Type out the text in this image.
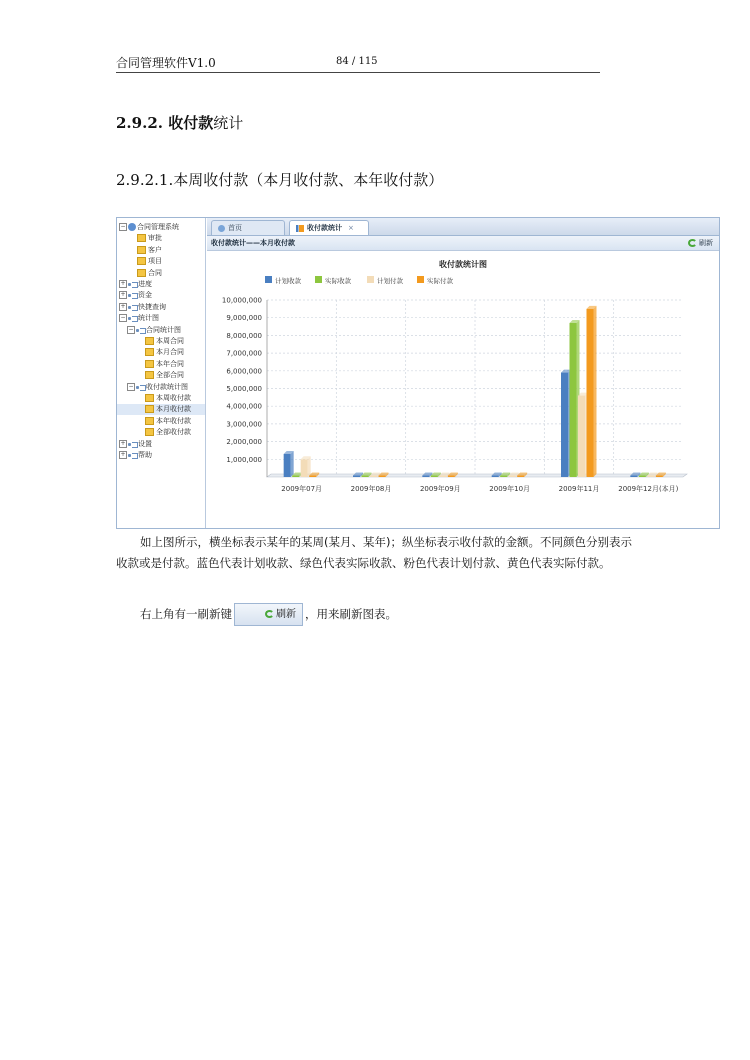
合同管理软件V1.0	84 / 115
2.9.2. 收付款统计
2.9.2.1.本周收付款（本月收付款、本年收付款）
− 合同管理系统
审批
客户
项目
合同
+ 进度
+ 资金
+ 快捷查询
− 统计图
− 合同统计图
本周合同
本月合同
本年合同
全部合同
− 收付款统计图
本周收付款
本月收付款
本年收付款
全部收付款
+ 设置
+ 帮助
首页	收付款统计 ×
收付款统计——本月收付款	刷新
收付款统计图
计划收款	实际收款	计划付款	实际付款
10,000,000
9,000,000
8,000,000
7,000,000
6,000,000
5,000,000
4,000,000
3,000,000
2,000,000
1,000,000
2009年07月	2009年08月	2009年09月	2009年10月	2009年11月	2009年12月(本月)
如上图所示，横坐标表示某年的某周(某月、某年)；纵坐标表示收付款的金额。不同颜色分别表示收款或是付款。蓝色代表计划收款、绿色代表实际收款、粉色代表计划付款、黄色代表实际付款。
右上角有一刷新键	刷新 ，用来刷新图表。
